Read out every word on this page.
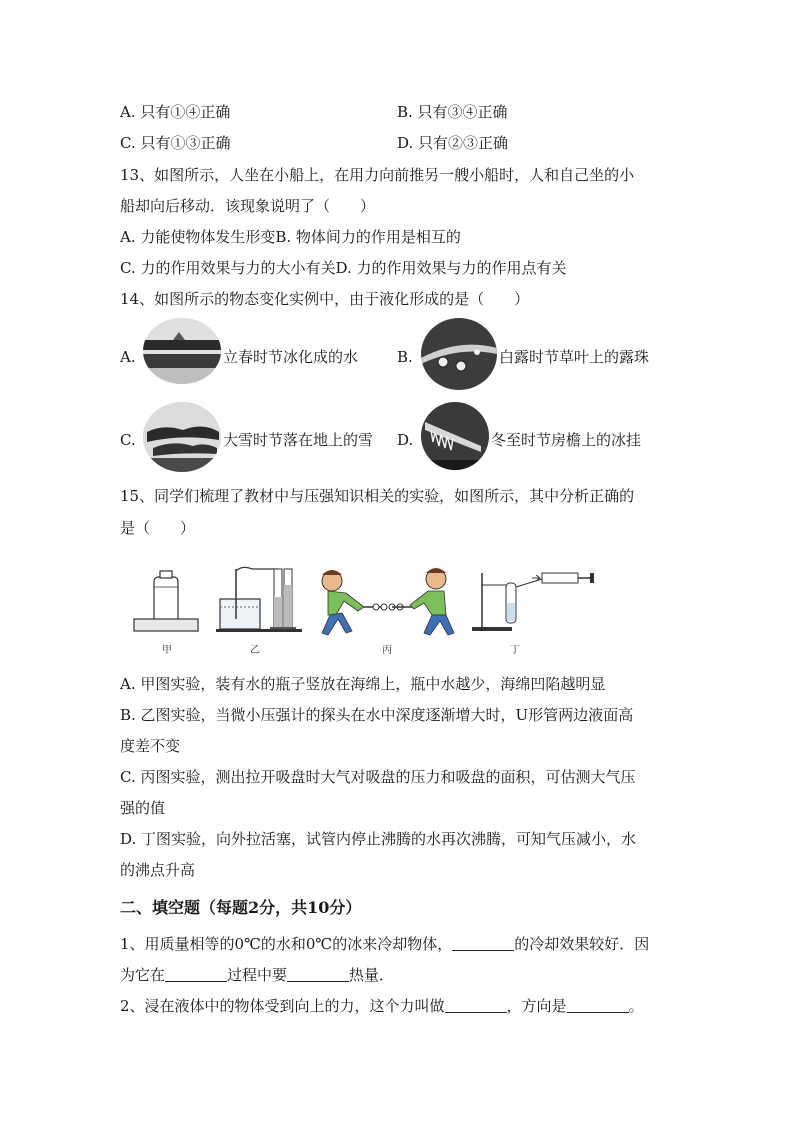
A. 只有①④正确	B. 只有③④正确
C. 只有①③正确	D. 只有②③正确
13、如图所示，人坐在小船上，在用力向前推另一艘小船时，人和自己坐的小
船却向后移动．该现象说明了（　　）
A. 力能使物体发生形变B. 物体间力的作用是相互的
C. 力的作用效果与力的大小有关D. 力的作用效果与力的作用点有关
14、如图所示的物态变化实例中，由于液化形成的是（　　）
A.	立春时节冰化成的水	B.	白露时节草叶上的露珠
C.	大雪时节落在地上的雪 D.	冬至时节房檐上的冰挂
15、同学们梳理了教材中与压强知识相关的实验，如图所示，其中分析正确的
是（　　）
甲	乙	丙	丁
A. 甲图实验，装有水的瓶子竖放在海绵上，瓶中水越少，海绵凹陷越明显
B. 乙图实验，当微小压强计的探头在水中深度逐渐增大时，U形管两边液面高
度差不变
C. 丙图实验，测出拉开吸盘时大气对吸盘的压力和吸盘的面积，可估测大气压
强的值
D. 丁图实验，向外拉活塞，试管内停止沸腾的水再次沸腾，可知气压减小，水
的沸点升高
二、填空题（每题2分，共10分）
1、用质量相等的0℃的水和0℃的冰来冷却物体，	的冷却效果较好．因
为它在	过程中要	热量．
2、浸在液体中的物体受到向上的力，这个力叫做	，方向是	。
